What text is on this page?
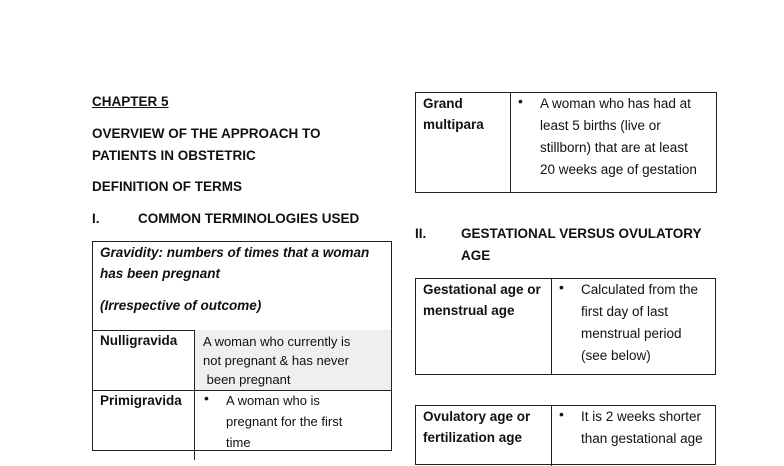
CHAPTER 5
OVERVIEW OF THE APPROACH TO
PATIENTS IN OBSTETRIC
DEFINITION OF TERMS
I.	COMMON TERMINOLOGIES USED
Gravidity: numbers of times that a woman
has been pregnant
(Irrespective of outcome)
Nulligravida A woman who currently is
not pregnant & has never
been pregnant
Primigravida • A woman who is
pregnant for the first
time
Grand
multipara
• A woman who has had at
least 5 births (live or
stillborn) that are at least
20 weeks age of gestation
II.	GESTATIONAL VERSUS OVULATORY
AGE
Gestational age or
menstrual age
• Calculated from the
first day of last
menstrual period
(see below)
Ovulatory age or
fertilization age
• It is 2 weeks shorter
than gestational age
